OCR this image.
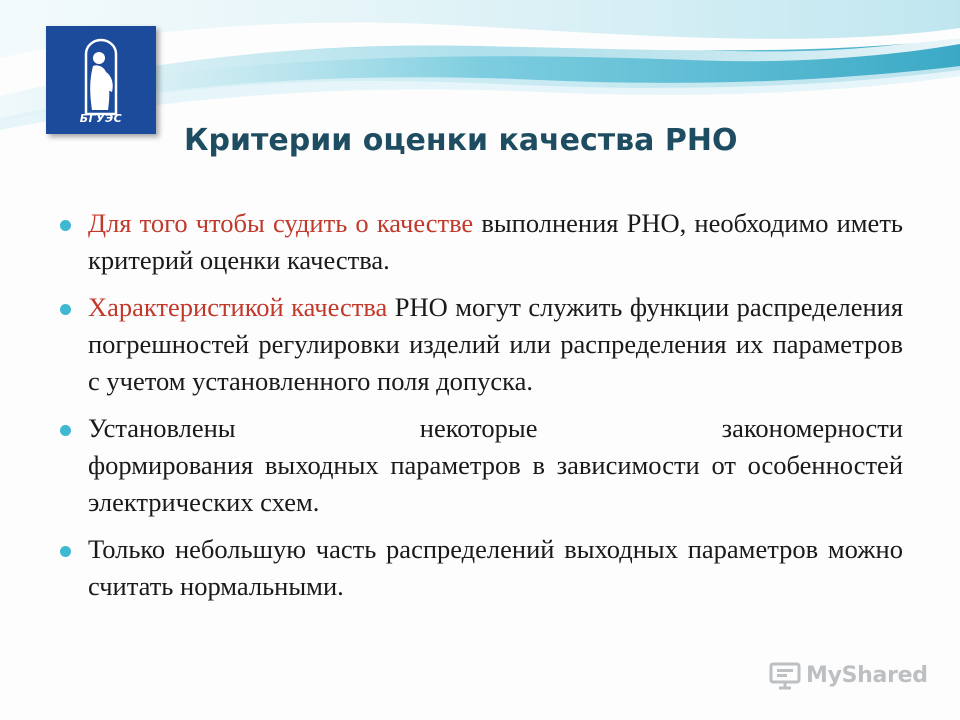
БГУЭС
Критерии оценки качества РНО
Для того чтобы судить о качестве выполнения РНО, необходимо иметь критерий оценки качества.
Характеристикой качества РНО могут служить функции распределения погрешностей регулировки изделий или распределения их параметров с учетом установленного поля допуска.
Установлены	некоторые	закономерности
формирования выходных параметров в зависимости от особенностей электрических схем.
Только небольшую часть распределений выходных параметров можно считать нормальными.
MyShared
